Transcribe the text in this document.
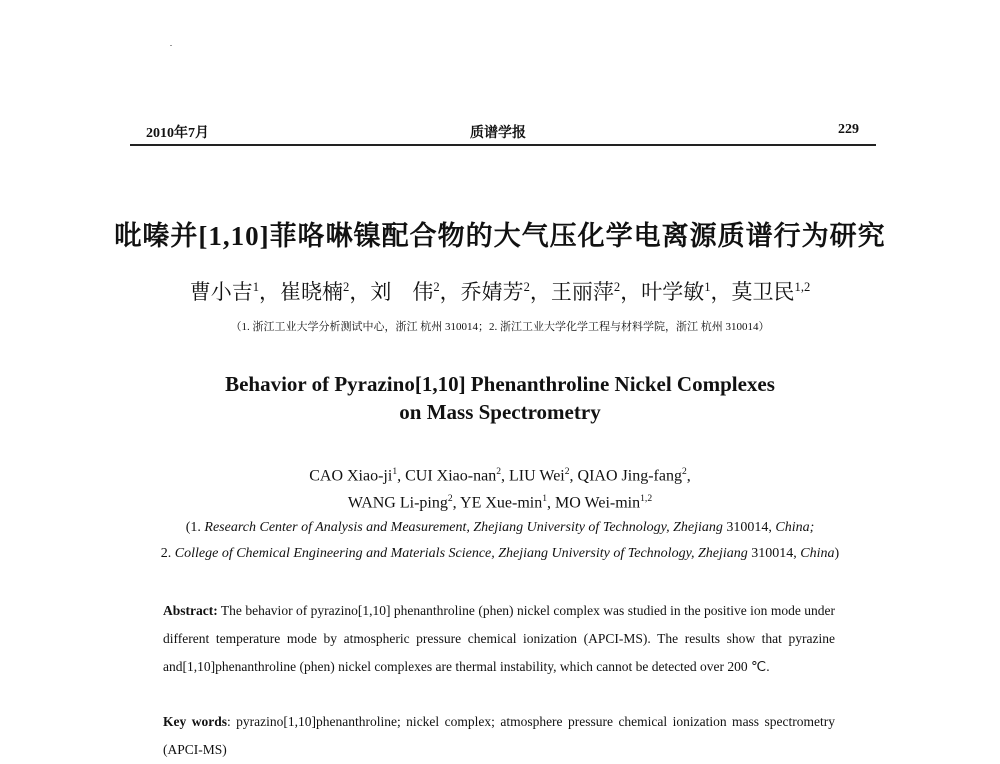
2010年7月	质谱学报	229
吡嗪并[1,10]菲咯啉镍配合物的大气压化学电离源质谱行为研究
曹小吉$^1$，崔晓楠$^2$，刘　伟$^2$，乔婧芳$^2$，王丽萍$^2$，叶学敏$^1$，莫卫民$^{1,2}$
（1. 浙江工业大学分析测试中心，浙江 杭州 310014；2. 浙江工业大学化学工程与材料学院，浙江 杭州 310014）
Behavior of Pyrazino[1,10] Phenanthroline Nickel Complexes
on Mass Spectrometry
CAO Xiao-$ji^1$, CUI Xiao-nan$^2$, LIU Wei$^2$, QIAO Jing-fang$^2$,
WANG Li-ping$^2$, YE Xue-$\min^1$, MO Wei-$\min^{1,2}$
(1. Research Center of Analysis and Measurement, Zhejiang University of Technology, Zhejiang 310014, China;
2. College of Chemical Engineering and Materials Science, Zhejiang University of Technology, Zhejiang 310014, China)
Abstract: The behavior of pyrazino[1,10] phenanthroline (phen) nickel complex was studied in the positive ion mode under different temperature mode by atmospheric pressure chemical ionization (APCI-MS). The results show that pyrazine and[1,10]phenanthroline (phen) nickel complexes are thermal instability, which cannot be detected over 200 ℃.
Key words: pyrazino[1,10]phenanthroline; nickel complex; atmosphere pressure chemical ionization mass spectrometry (APCI-MS)
